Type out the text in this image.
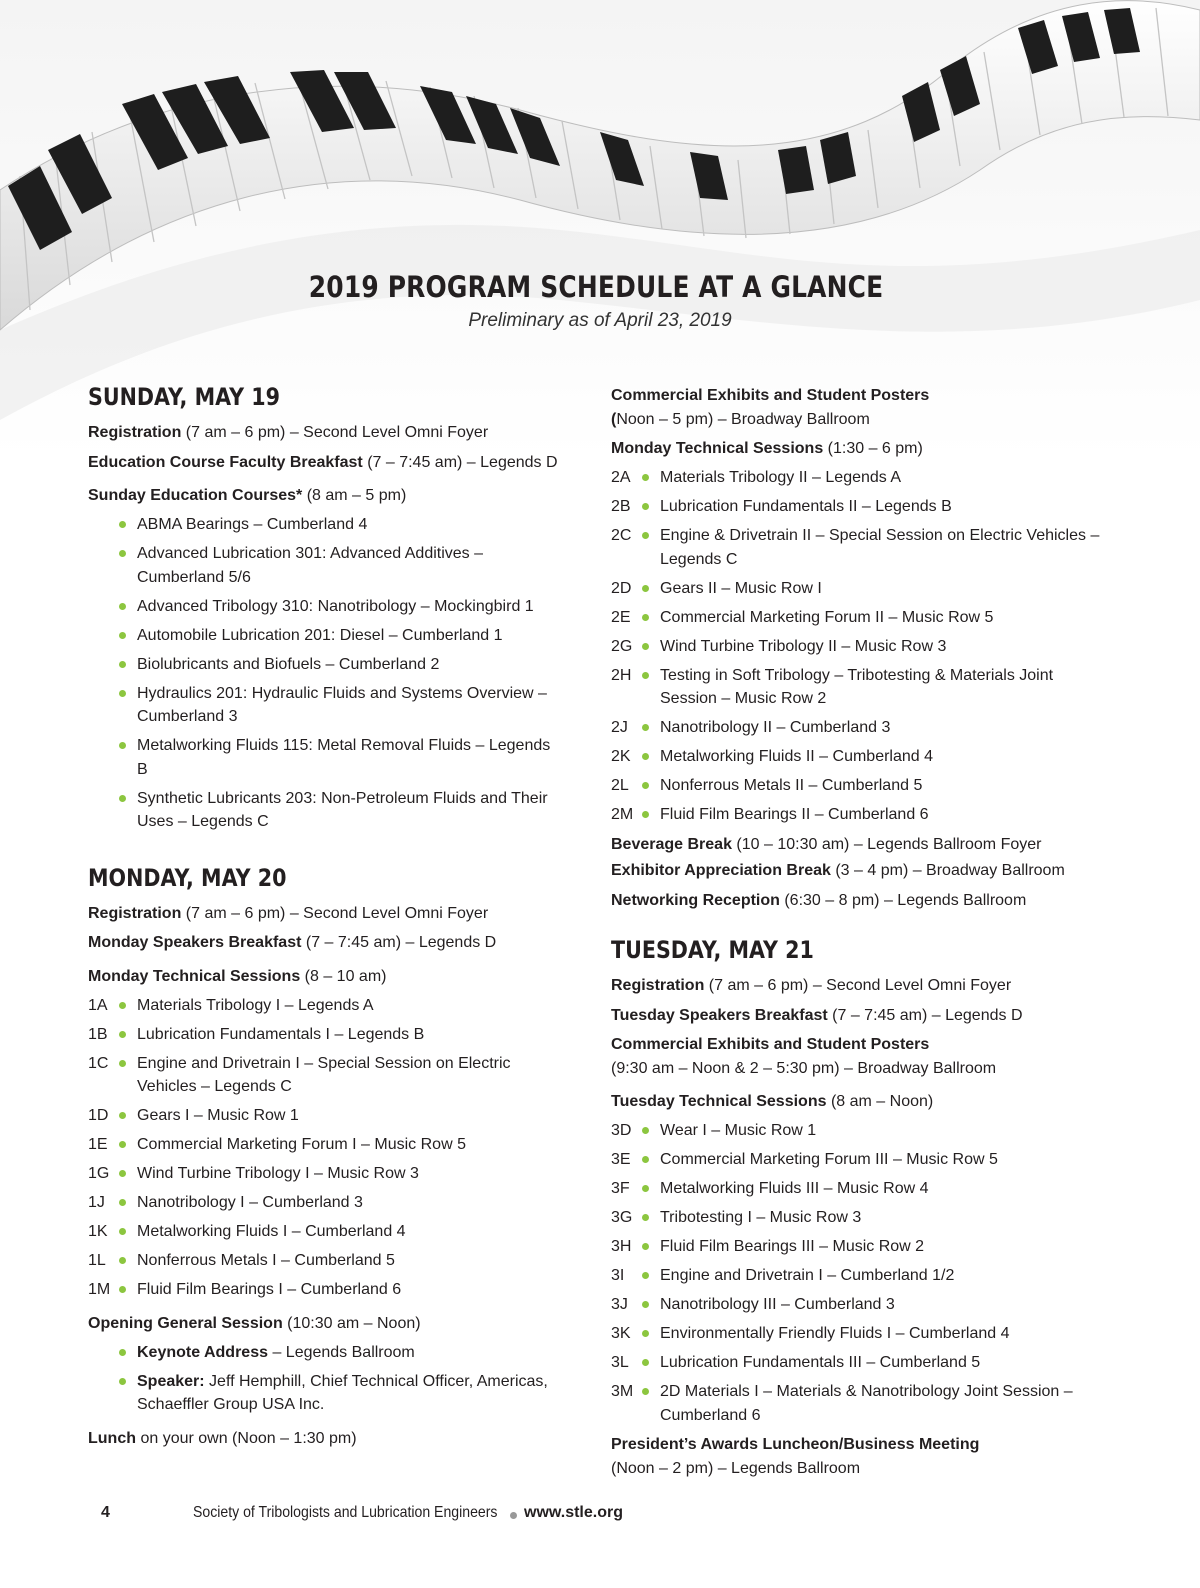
2019 PROGRAM SCHEDULE AT A GLANCE
Preliminary as of April 23, 2019
SUNDAY, MAY 19

Registration (7 am – 6 pm) – Second Level Omni Foyer

Education Course Faculty Breakfast (7 – 7:45 am) – Legends D

Sunday Education Courses* (8 am – 5 pm)

ABMA Bearings – Cumberland 4
Advanced Lubrication 301: Advanced Additives – Cumberland 5/6
Advanced Tribology 310: Nanotribology – Mockingbird 1
Automobile Lubrication 201: Diesel – Cumberland 1
Biolubricants and Biofuels – Cumberland 2
Hydraulics 201: Hydraulic Fluids and Systems Overview – Cumberland 3
Metalworking Fluids 115: Metal Removal Fluids – Legends B
Synthetic Lubricants 203: Non-Petroleum Fluids and Their Uses – Legends C
MONDAY, MAY 20

Registration (7 am – 6 pm) – Second Level Omni Foyer

Monday Speakers Breakfast (7 – 7:45 am) – Legends D

Monday Technical Sessions (8 – 10 am)

1A Materials Tribology I – Legends A
1B Lubrication Fundamentals I – Legends B
1C Engine and Drivetrain I – Special Session on Electric Vehicles – Legends C
1D Gears I – Music Row 1
1E Commercial Marketing Forum I – Music Row 5
1G Wind Turbine Tribology I – Music Row 3
1J Nanotribology I – Cumberland 3
1K Metalworking Fluids I – Cumberland 4
1L Nonferrous Metals I – Cumberland 5
1M Fluid Film Bearings I – Cumberland 6

Opening General Session (10:30 am – Noon)

Keynote Address – Legends Ballroom
Speaker: Jeff Hemphill, Chief Technical Officer, Americas, Schaeffler Group USA Inc.

Lunch on your own (Noon – 1:30 pm)

Commercial Exhibits and Student Posters
(Noon – 5 pm) – Broadway Ballroom

Monday Technical Sessions (1:30 – 6 pm)

2A Materials Tribology II – Legends A
2B Lubrication Fundamentals II – Legends B
2C Engine & Drivetrain II – Special Session on Electric Vehicles – Legends C
2D Gears II – Music Row I
2E Commercial Marketing Forum II – Music Row 5
2G Wind Turbine Tribology II – Music Row 3
2H Testing in Soft Tribology – Tribotesting & Materials Joint Session – Music Row 2
2J Nanotribology II – Cumberland 3
2K Metalworking Fluids II – Cumberland 4
2L Nonferrous Metals II – Cumberland 5
2M Fluid Film Bearings II – Cumberland 6

Beverage Break (10 – 10:30 am) – Legends Ballroom Foyer

Exhibitor Appreciation Break (3 – 4 pm) – Broadway Ballroom

Networking Reception (6:30 – 8 pm) – Legends Ballroom

TUESDAY, MAY 21

Registration (7 am – 6 pm) – Second Level Omni Foyer

Tuesday Speakers Breakfast (7 – 7:45 am) – Legends D

Commercial Exhibits and Student Posters
(9:30 am – Noon & 2 – 5:30 pm) – Broadway Ballroom

Tuesday Technical Sessions (8 am – Noon)

3D Wear I – Music Row 1
3E Commercial Marketing Forum III – Music Row 5
3F Metalworking Fluids III – Music Row 4
3G Tribotesting I – Music Row 3
3H Fluid Film Bearings III – Music Row 2
3I Engine and Drivetrain I – Cumberland 1/2
3J Nanotribology III – Cumberland 3
3K Environmentally Friendly Fluids I – Cumberland 4
3L Lubrication Fundamentals III – Cumberland 5
3M 2D Materials I – Materials & Nanotribology Joint Session – Cumberland 6

President’s Awards Luncheon/Business Meeting
(Noon – 2 pm) – Legends Ballroom

4	Society of Tribologists and Lubrication Engineers	www.stle.org
